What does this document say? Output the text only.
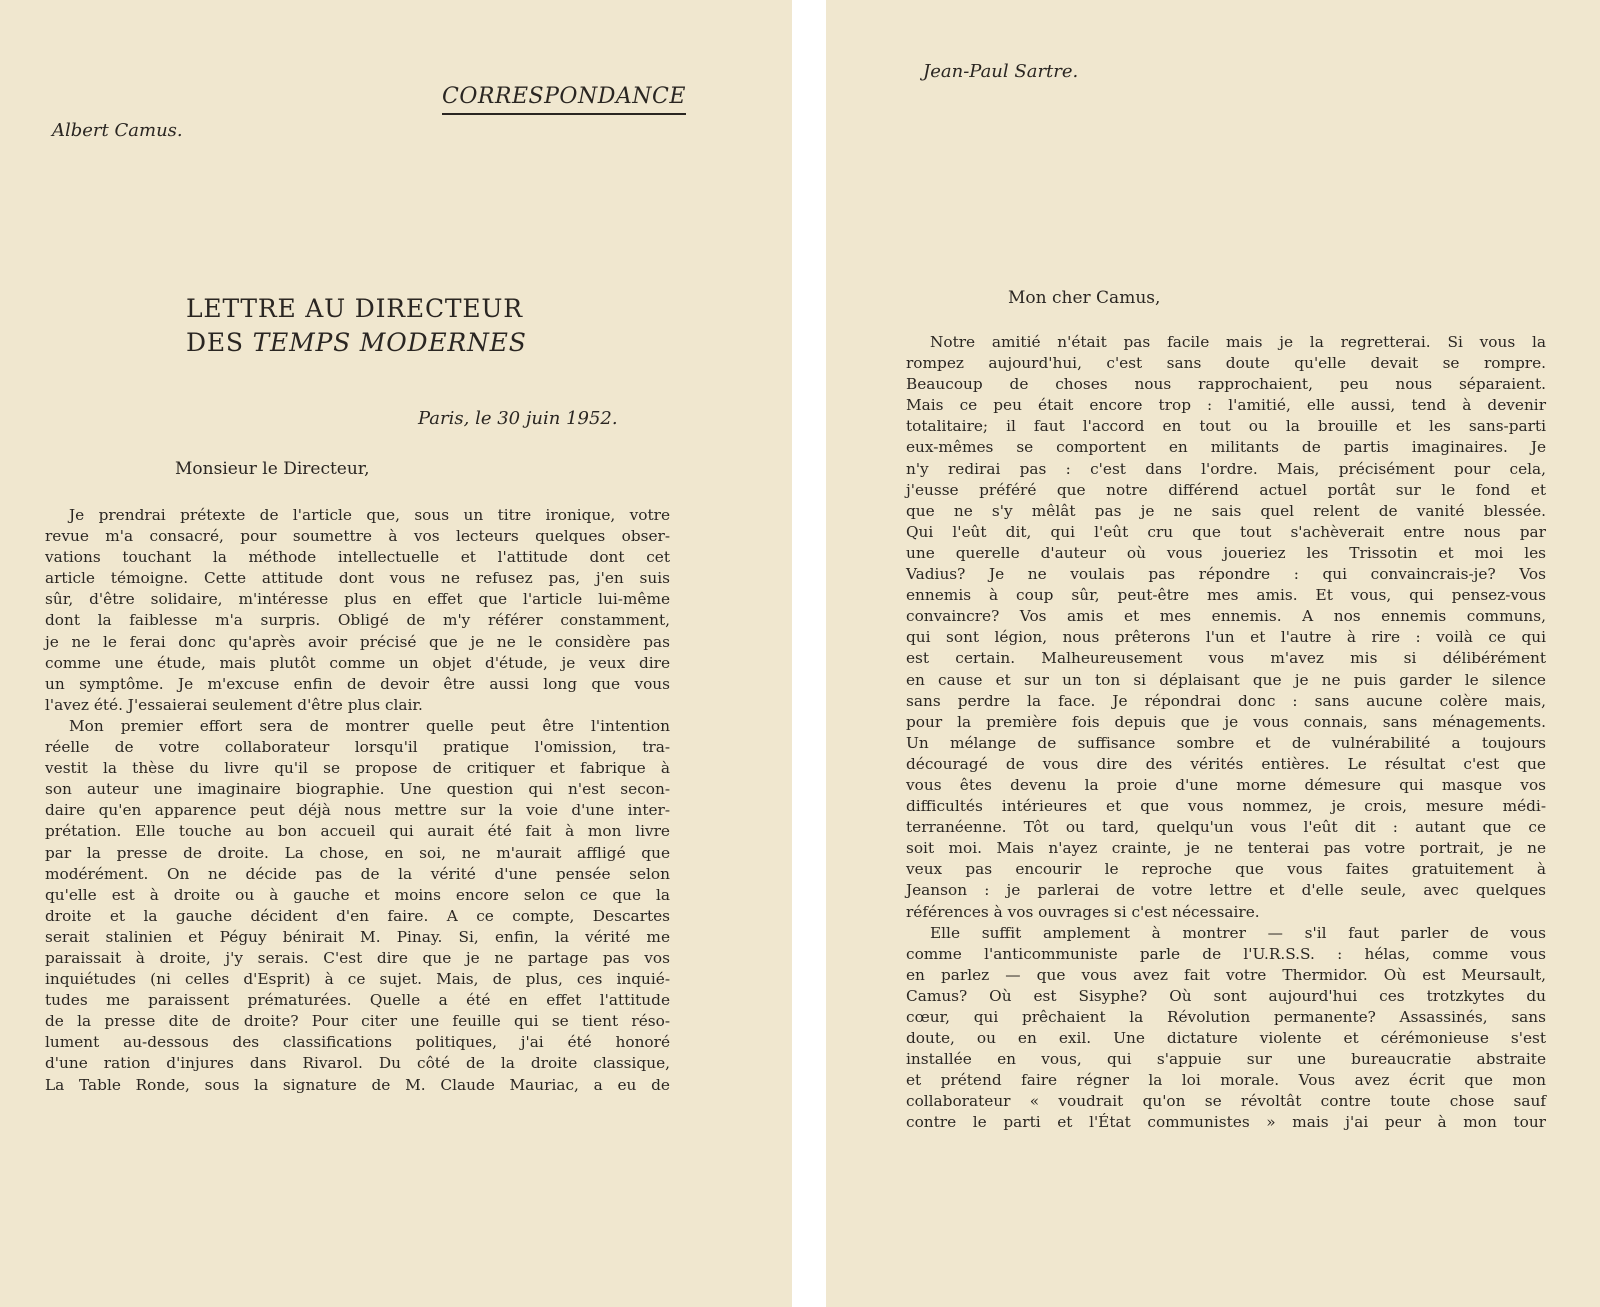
CORRESPONDANCE

Albert Camus.

LETTRE AU DIRECTEUR
DES TEMPS MODERNES

Paris, le 30 juin 1952.

Monsieur le Directeur,

Je prendrai prétexte de l'article que, sous un titre ironique, votre
revue m'a consacré, pour soumettre à vos lecteurs quelques obser-
vations touchant la méthode intellectuelle et l'attitude dont cet
article témoigne. Cette attitude dont vous ne refusez pas, j'en suis
sûr, d'être solidaire, m'intéresse plus en effet que l'article lui-même
dont la faiblesse m'a surpris. Obligé de m'y référer constamment,
je ne le ferai donc qu'après avoir précisé que je ne le considère pas
comme une étude, mais plutôt comme un objet d'étude, je veux dire
un symptôme. Je m'excuse enfin de devoir être aussi long que vous
l'avez été. J'essaierai seulement d'être plus clair.
Mon premier effort sera de montrer quelle peut être l'intention
réelle de votre collaborateur lorsqu'il pratique l'omission, tra-
vestit la thèse du livre qu'il se propose de critiquer et fabrique à
son auteur une imaginaire biographie. Une question qui n'est secon-
daire qu'en apparence peut déjà nous mettre sur la voie d'une inter-
prétation. Elle touche au bon accueil qui aurait été fait à mon livre
par la presse de droite. La chose, en soi, ne m'aurait affligé que
modérément. On ne décide pas de la vérité d'une pensée selon
qu'elle est à droite ou à gauche et moins encore selon ce que la
droite et la gauche décident d'en faire. A ce compte, Descartes
serait stalinien et Péguy bénirait M. Pinay. Si, enfin, la vérité me
paraissait à droite, j'y serais. C'est dire que je ne partage pas vos
inquiétudes (ni celles d'Esprit) à ce sujet. Mais, de plus, ces inquié-
tudes me paraissent prématurées. Quelle a été en effet l'attitude
de la presse dite de droite? Pour citer une feuille qui se tient réso-
lument au-dessous des classifications politiques, j'ai été honoré
d'une ration d'injures dans Rivarol. Du côté de la droite classique,
La Table Ronde, sous la signature de M. Claude Mauriac, a eu de

Jean-Paul Sartre.

Mon cher Camus,

Notre amitié n'était pas facile mais je la regretterai. Si vous la
rompez aujourd'hui, c'est sans doute qu'elle devait se rompre.
Beaucoup de choses nous rapprochaient, peu nous séparaient.
Mais ce peu était encore trop : l'amitié, elle aussi, tend à devenir
totalitaire; il faut l'accord en tout ou la brouille et les sans-parti
eux-mêmes se comportent en militants de partis imaginaires. Je
n'y redirai pas : c'est dans l'ordre. Mais, précisément pour cela,
j'eusse préféré que notre différend actuel portât sur le fond et
que ne s'y mêlât pas je ne sais quel relent de vanité blessée.
Qui l'eût dit, qui l'eût cru que tout s'achèverait entre nous par
une querelle d'auteur où vous joueriez les Trissotin et moi les
Vadius? Je ne voulais pas répondre : qui convaincrais-je? Vos
ennemis à coup sûr, peut-être mes amis. Et vous, qui pensez-vous
convaincre? Vos amis et mes ennemis. A nos ennemis communs,
qui sont légion, nous prêterons l'un et l'autre à rire : voilà ce qui
est certain. Malheureusement vous m'avez mis si délibérément
en cause et sur un ton si déplaisant que je ne puis garder le silence
sans perdre la face. Je répondrai donc : sans aucune colère mais,
pour la première fois depuis que je vous connais, sans ménagements.
Un mélange de suffisance sombre et de vulnérabilité a toujours
découragé de vous dire des vérités entières. Le résultat c'est que
vous êtes devenu la proie d'une morne démesure qui masque vos
difficultés intérieures et que vous nommez, je crois, mesure médi-
terranéenne. Tôt ou tard, quelqu'un vous l'eût dit : autant que ce
soit moi. Mais n'ayez crainte, je ne tenterai pas votre portrait, je ne
veux pas encourir le reproche que vous faites gratuitement à
Jeanson : je parlerai de votre lettre et d'elle seule, avec quelques
références à vos ouvrages si c'est nécessaire.
Elle suffit amplement à montrer — s'il faut parler de vous
comme l'anticommuniste parle de l'U.R.S.S. : hélas, comme vous
en parlez — que vous avez fait votre Thermidor. Où est Meursault,
Camus? Où est Sisyphe? Où sont aujourd'hui ces trotzkytes du
cœur, qui prêchaient la Révolution permanente? Assassinés, sans
doute, ou en exil. Une dictature violente et cérémonieuse s'est
installée en vous, qui s'appuie sur une bureaucratie abstraite
et prétend faire régner la loi morale. Vous avez écrit que mon
collaborateur « voudrait qu'on se révoltât contre toute chose sauf
contre le parti et l'État communistes » mais j'ai peur à mon tour
